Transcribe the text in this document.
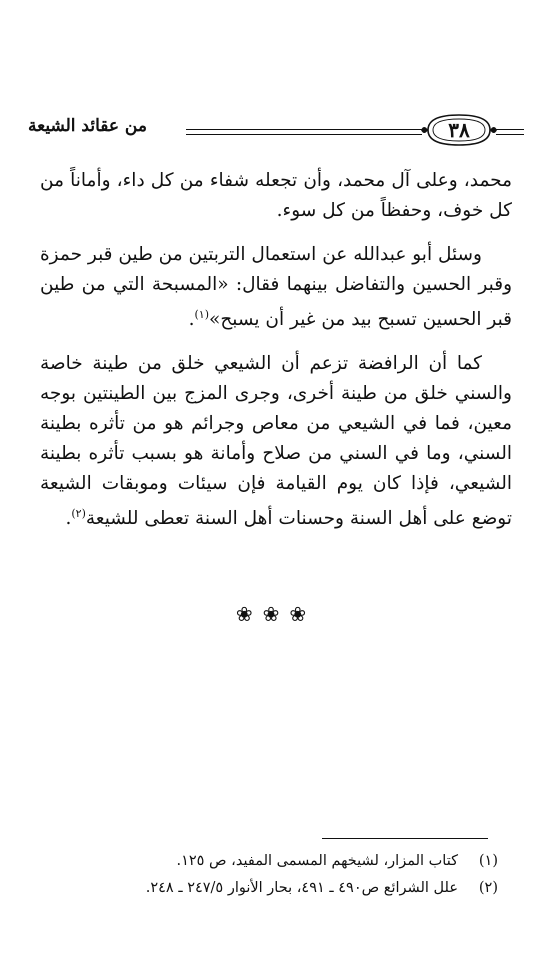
من عقائد الشيعة	٣٨

محمد، وعلى آل محمد، وأن تجعله شفاء من كل داء، وأماناً من كل خوف، وحفظاً من كل سوء.

وسئل أبو عبدالله عن استعمال التربتين من طين قبر حمزة وقبر الحسين والتفاضل بينهما فقال: «المسبحة التي من طين قبر الحسين تسبح بيد من غير أن يسبح»$^{(١)}$.

كما أن الرافضة تزعم أن الشيعي خلق من طينة خاصة والسني خلق من طينة أخرى، وجرى المزج بين الطينتين بوجه معين، فما في الشيعي من معاص وجرائم هو من تأثره بطينة السني، وما في السني من صلاح وأمانة هو بسبب تأثره بطينة الشيعي، فإذا كان يوم القيامة فإن سيئات وموبقات الشيعة توضع على أهل السنة وحسنات أهل السنة تعطى للشيعة$^{(٢)}$.

❀❀❀
(١)كتاب المزار، لشيخهم المسمى المفيد، ص ١٢٥.
(٢)علل الشرائع ص٤٩٠ ـ ٤٩١، بحار الأنوار ٢٤٧/٥ ـ ٢٤٨.
